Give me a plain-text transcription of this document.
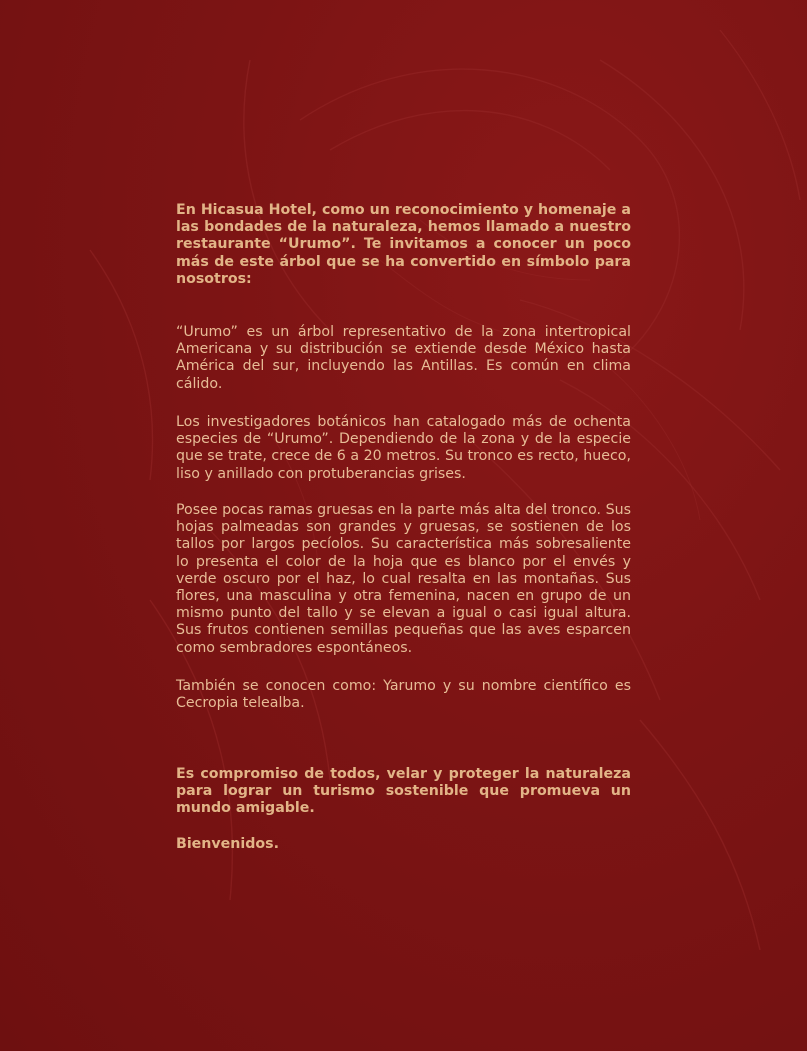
En Hicasua Hotel, como un reconocimiento y homenaje a las bondades de la naturaleza, hemos llamado a nuestro restaurante “Urumo”. Te invitamos a conocer un poco más de este árbol que se ha convertido en símbolo para nosotros:

“Urumo” es un árbol representativo de la zona intertropical Americana y su distribución se extiende desde México hasta América del sur, incluyendo las Antillas. Es común en clima cálido.

Los investigadores botánicos han catalogado más de ochenta especies de “Urumo”. Dependiendo de la zona y de la especie que se trate, crece de 6 a 20 metros. Su tronco es recto, hueco, liso y anillado con protuberancias grises.

Posee pocas ramas gruesas en la parte más alta del tronco. Sus hojas palmeadas son grandes y gruesas, se sostienen de los tallos por largos pecíolos. Su característica más sobresaliente lo presenta el color de la hoja que es blanco por el envés y verde oscuro por el haz, lo cual resalta en las montañas. Sus flores, una masculina y otra femenina, nacen en grupo de un mismo punto del tallo y se elevan a igual o casi igual altura. Sus frutos contienen semillas pequeñas que las aves esparcen como sembradores espontáneos.

También se conocen como: Yarumo y su nombre científico es Cecropia telealba.

Es compromiso de todos, velar y proteger la naturaleza para lograr un turismo sostenible que promueva un mundo amigable.

Bienvenidos.
